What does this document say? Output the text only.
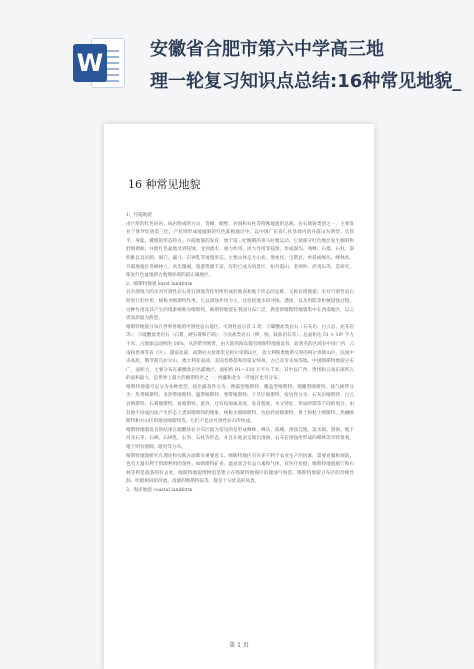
W	安徽省合肥市第六中学高三地
理一轮复习知识点总结:16种常见地貌_
16 种常见地貌

1、丹霞地貌

由巨厚的红色砂岩、砾岩组成的方山、奇峰、峭壁、岩洞和石柱等特殊地貌的总称。岩石地貌类型之一，主要发育于侏罗纪到第三纪，产状则形成缓倾斜的红色陆相地层中。以中国广东省仁化县境内的丹霞山为典型。具顶平、身陡、麓缓的形态特点。丹霞地貌的发育，始于第三纪晚期的喜马拉雅运动。它使部分红色地层发生倾斜和舒缓褶曲，并使红色盆地受到侵蚀。受到流水、重力作用、风力作用等侵蚀，形成深沟、残峰、石墙、石柱、崩积锥以及岩洞、洞穴、漏斗、石钟乳等地貌形态。主要山体呈方山状、堡垒状、宝塔状，单斜或峰丛、峰林状。丹霞地貌区奇峰林立、风光瑰丽，旅游资源丰富，有的已成为风景区，如丹霞山、金鸡岭、武夷山等。是研究、恢复红色盆地的古地理环境的最正确地区。

2、喀斯特地貌 karst landform

具有溶蚀力的水对可溶性岩石进行溶蚀等作用所形成的地表和地下形态的总称，又称岩溶地貌。水对可溶性岩石所进行的作用，统称为喀斯特作用。它以溶蚀作用为主，还包括流水的冲蚀、潜蚀，以及坍陷等机械侵蚀过程。这种作用及其产生的现象统称为喀斯特。喀斯特地貌在我国分布广泛，典型的喀斯特地貌集中在西南地区，以云贵高原最为典型。

喀斯特地貌分布在世界各地的可溶性岩石地区。可溶性岩石有 3 类：①碳酸盐类岩石（石灰岩、白云岩、泥灰岩等）；②硫酸盐类岩石（石膏、硬石膏和芒硝）；③卤盐类岩石（钾、钠、镁盐岩石等）。总面积达 51 × 10⁶ 平方千米，占地球总面积的 10%，从热带到寒带，由大陆到海岛都有喀斯特地貌发育。较著名的区域有中国广西、云南和贵州等省（区），越南北部，南斯拉夫狄那里克阿尔卑斯山区，意大利和奥地利交界的阿尔卑斯山区，法国中央高原，俄罗斯乌拉尔山，澳大利亚南部，美国肯塔基和印第安纳州，古巴及牙买加等地。中国喀斯特地貌分布广，面积大，主要分布在碳酸盐岩出露地区，面积约 91～130 万平方千米。其中以广西、贵州和云南东部所占的面积最大，是世界上最大的喀斯特区之一；西藏和北方一些地区也有分布。

喀斯特地貌可以分为多种类型，按出露条件分为：裸露型喀斯特、覆盖型喀斯特、埋藏型喀斯特。按气候带分为：热带喀斯特、亚热带喀斯特、温带喀斯特、寒带喀斯特、干旱区喀斯特。按岩性分为：石灰岩喀斯特、白云岩喀斯特、石膏喀斯特、盐喀斯特。此外，还有按海拔高度、发育程度、水文特征、形成时期等不同的划分。由其他不同成因而产生形态上类似喀斯特的现象，统称为假喀斯特，包括碎屑喀斯特、黄土和粘土喀斯特、热融喀斯特和火山区的熔岩喀斯特等。它们不是由可溶性岩石所构成。

喀斯特地貌发育的结果在碳酸盐岩分布区最为常见的是形成峰林、峰丛、孤峰、溶蚀洼地、落水洞、溶洞、地下河及石芽、石林、石钟乳、石笋、石柱等形态，并且在地表呈现出溶洞、石灰岩溶蚀所形成的峰林等奇特景观，地下则有溶洞、暗河等分布。

喀斯特地貌研究在理论和实践方面都有重要意义。喀斯特地区有许多不利于农业生产的因素，需要克服和预防，也有大量有利于资源利用的条件。如喀斯特矿泉、温泉富含有益元素和气体，有医疗价值；喀斯特地貌洞穴和石林等则是旅游的好去处。喀斯特地貌博物馆是建立在喀斯特地貌区的储油气构造、喀斯特地貌分布区的奇峰异洞，明暗相间的河流，清澈的喀斯特泉等，都是十分优美的风景。

3、海岸地貌 coastal landform

第 1 页
